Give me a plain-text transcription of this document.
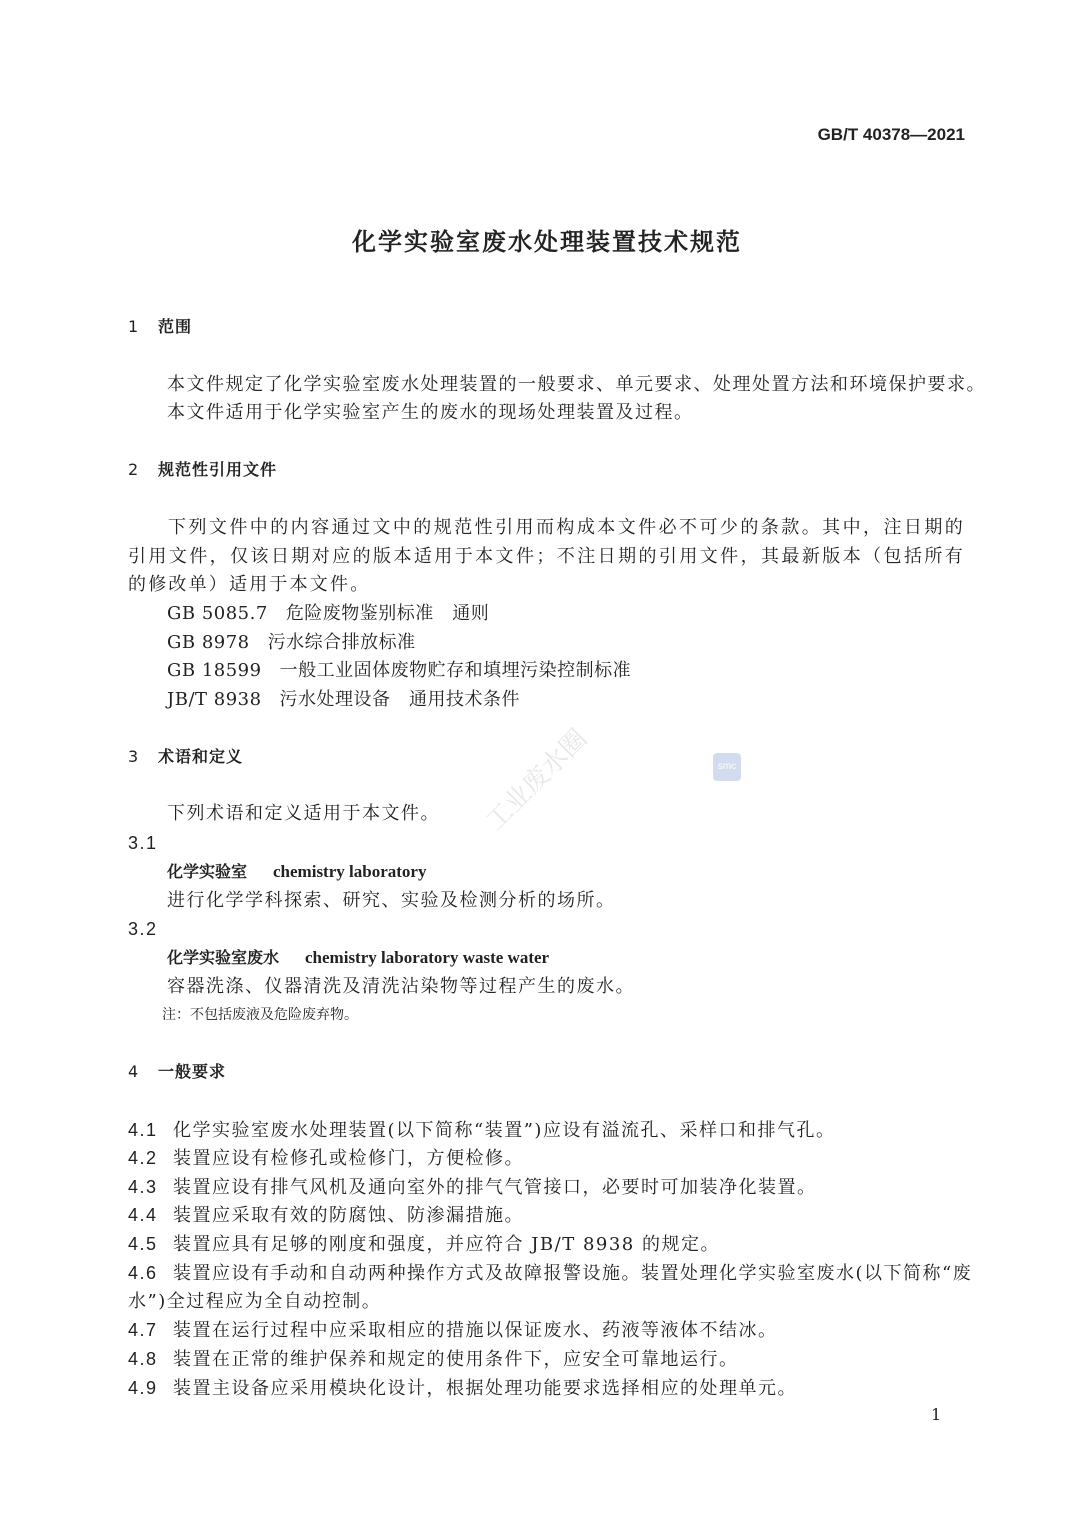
GB/T 40378—2021
化学实验室废水处理装置技术规范
1 范围
本文件规定了化学实验室废水处理装置的一般要求、单元要求、处理处置方法和环境保护要求。
本文件适用于化学实验室产生的废水的现场处理装置及过程。
2 规范性引用文件
下列文件中的内容通过文中的规范性引用而构成本文件必不可少的条款。其中，注日期的引用文件，仅该日期对应的版本适用于本文件；不注日期的引用文件，其最新版本（包括所有的修改单）适用于本文件。
GB 5085.7 危险废物鉴别标准　通则
GB 8978 污水综合排放标准
GB 18599 一般工业固体废物贮存和填埋污染控制标准
JB/T 8938 污水处理设备　通用技术条件
3 术语和定义
下列术语和定义适用于本文件。
3.1
化学实验室 chemistry laboratory
进行化学学科探索、研究、实验及检测分析的场所。
3.2
化学实验室废水 chemistry laboratory waste water
容器洗涤、仪器清洗及清洗沾染物等过程产生的废水。
注：不包括废液及危险废弃物。
工业废水圈	smc
4 一般要求
4.1 化学实验室废水处理装置(以下简称“装置”)应设有溢流孔、采样口和排气孔。
4.2 装置应设有检修孔或检修门，方便检修。
4.3 装置应设有排气风机及通向室外的排气气管接口，必要时可加装净化装置。
4.4 装置应采取有效的防腐蚀、防渗漏措施。
4.5 装置应具有足够的刚度和强度，并应符合 JB/T 8938 的规定。
4.6 装置应设有手动和自动两种操作方式及故障报警设施。装置处理化学实验室废水(以下简称“废
水”)全过程应为全自动控制。
4.7 装置在运行过程中应采取相应的措施以保证废水、药液等液体不结冰。
4.8 装置在正常的维护保养和规定的使用条件下，应安全可靠地运行。
4.9 装置主设备应采用模块化设计，根据处理功能要求选择相应的处理单元。
1
